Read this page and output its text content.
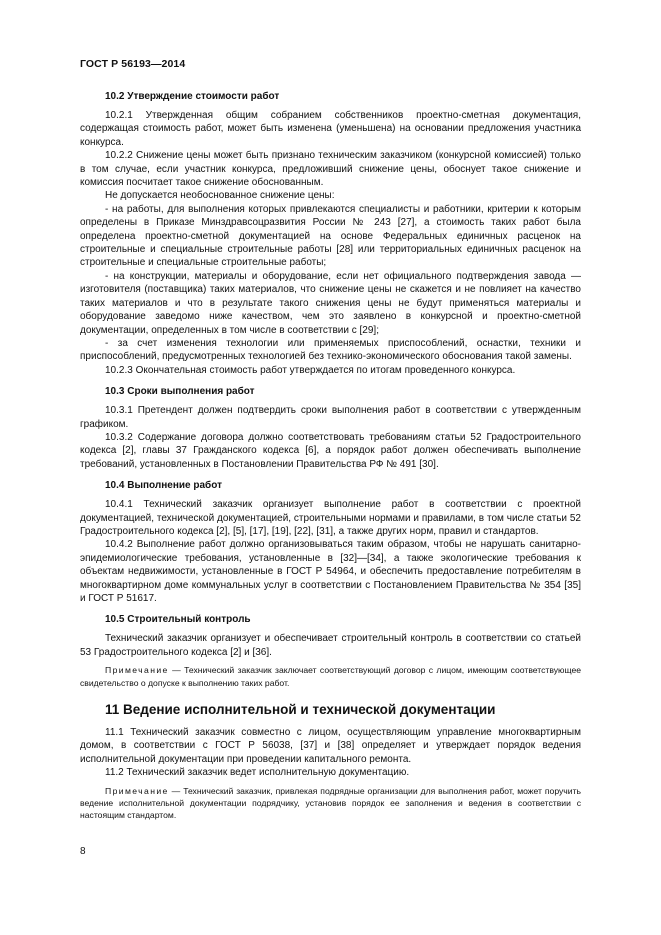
ГОСТ Р 56193—2014
10.2 Утверждение стоимости работ

10.2.1 Утвержденная общим собранием собственников проектно-сметная документация, содержащая стоимость работ, может быть изменена (уменьшена) на основании предложения участника конкурса.

10.2.2 Снижение цены может быть признано техническим заказчиком (конкурсной комиссией) только в том случае, если участник конкурса, предложивший снижение цены, обоснует такое снижение и комиссия посчитает такое снижение обоснованным.

Не допускается необоснованное снижение цены:

- на работы, для выполнения которых привлекаются специалисты и работники, критерии к которым определены в Приказе Минздравсоцразвития России № 243 [27], а стоимость таких работ была определена проектно-сметной документацией на основе Федеральных единичных расценок на строительные и специальные строительные работы [28] или территориальных единичных расценок на строительные и специальные строительные работы;

- на конструкции, материалы и оборудование, если нет официального подтверждения завода — изготовителя (поставщика) таких материалов, что снижение цены не скажется и не повлияет на качество таких материалов и что в результате такого снижения цены не будут применяться материалы и оборудование заведомо ниже качеством, чем это заявлено в конкурсной и проектно-сметной документации, определенных в том числе в соответствии с [29];

- за счет изменения технологии или применяемых приспособлений, оснастки, техники и приспособлений, предусмотренных технологией без технико-экономического обоснования такой замены.

10.2.3 Окончательная стоимость работ утверждается по итогам проведенного конкурса.

10.3 Сроки выполнения работ

10.3.1 Претендент должен подтвердить сроки выполнения работ в соответствии с утвержденным графиком.

10.3.2 Содержание договора должно соответствовать требованиям статьи 52 Градостроительного кодекса [2], главы 37 Гражданского кодекса [6], а порядок работ должен обеспечивать выполнение требований, установленных в Постановлении Правительства РФ № 491 [30].

10.4 Выполнение работ

10.4.1 Технический заказчик организует выполнение работ в соответствии с проектной документацией, технической документацией, строительными нормами и правилами, в том числе статьи 52 Градостроительного кодекса [2], [5], [17], [19], [22], [31], а также других норм, правил и стандартов.

10.4.2 Выполнение работ должно организовываться таким образом, чтобы не нарушать санитарно-эпидемиологические требования, установленные в [32]—[34], а также экологические требования к объектам недвижимости, установленные в ГОСТ Р 54964, и обеспечить предоставление потребителям в многоквартирном доме коммунальных услуг в соответствии с Постановлением Правительства № 354 [35] и ГОСТ Р 51617.

10.5 Строительный контроль

Технический заказчик организует и обеспечивает строительный контроль в соответствии со статьей 53 Градостроительного кодекса [2] и [36].

Примечание — Технический заказчик заключает соответствующий договор с лицом, имеющим соответствующее свидетельство о допуске к выполнению таких работ.

11 Ведение исполнительной и технической документации

11.1 Технический заказчик совместно с лицом, осуществляющим управление многоквартирным домом, в соответствии с ГОСТ Р 56038, [37] и [38] определяет и утверждает порядок ведения исполнительной документации при проведении капитального ремонта.

11.2 Технический заказчик ведет исполнительную документацию.

Примечание — Технический заказчик, привлекая подрядные организации для выполнения работ, может поручить ведение исполнительной документации подрядчику, установив порядок ее заполнения и ведения в соответствии с настоящим стандартом.

8
